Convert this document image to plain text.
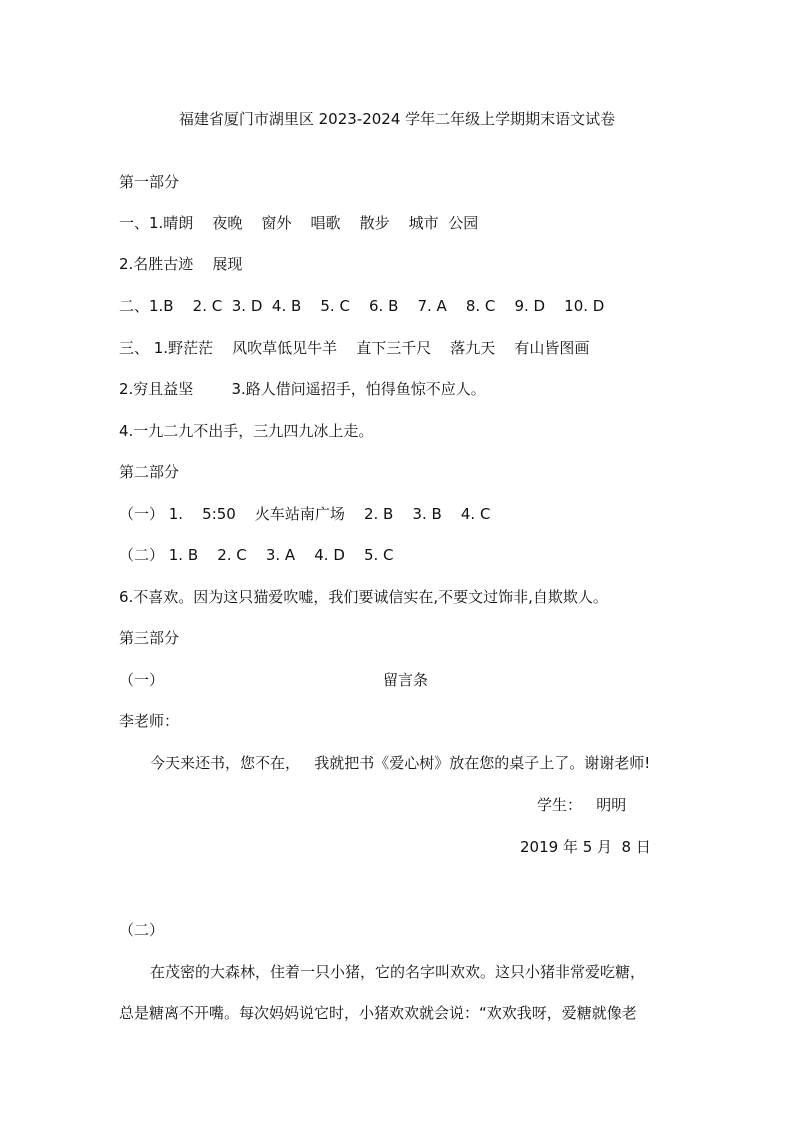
福建省厦门市湖里区 2023-2024 学年二年级上学期期末语文试卷
第一部分
一、1.晴朗    夜晚    窗外    唱歌    散步    城市  公园
2.名胜古迹    展现
二、1.B    2. C  3. D  4. B    5. C    6. B    7. A    8. C    9. D    10. D
三、 1.野茫茫    风吹草低见牛羊    直下三千尺    落九天    有山皆图画
2.穷且益坚        3.路人借问遥招手，怕得鱼惊不应人。
4.一九二九不出手，三九四九冰上走。
第二部分
（一） 1.    5:50    火车站南广场    2. B    3. B    4. C
（二） 1. B    2. C    3. A    4. D    5. C
6.不喜欢。因为这只猫爱吹嘘，我们要诚信实在,不要文过饰非,自欺欺人。
第三部分
（一）	留言条
李老师：
今天来还书，您不在，   我就把书《爱心树》放在您的桌子上了。谢谢老师!
学生：   明明
2019 年 5 月  8 日
（二）
在茂密的大森林，住着一只小猪，它的名字叫欢欢。这只小猪非常爱吃糖，
总是糖离不开嘴。每次妈妈说它时，小猪欢欢就会说：“欢欢我呀，爱糖就像老
